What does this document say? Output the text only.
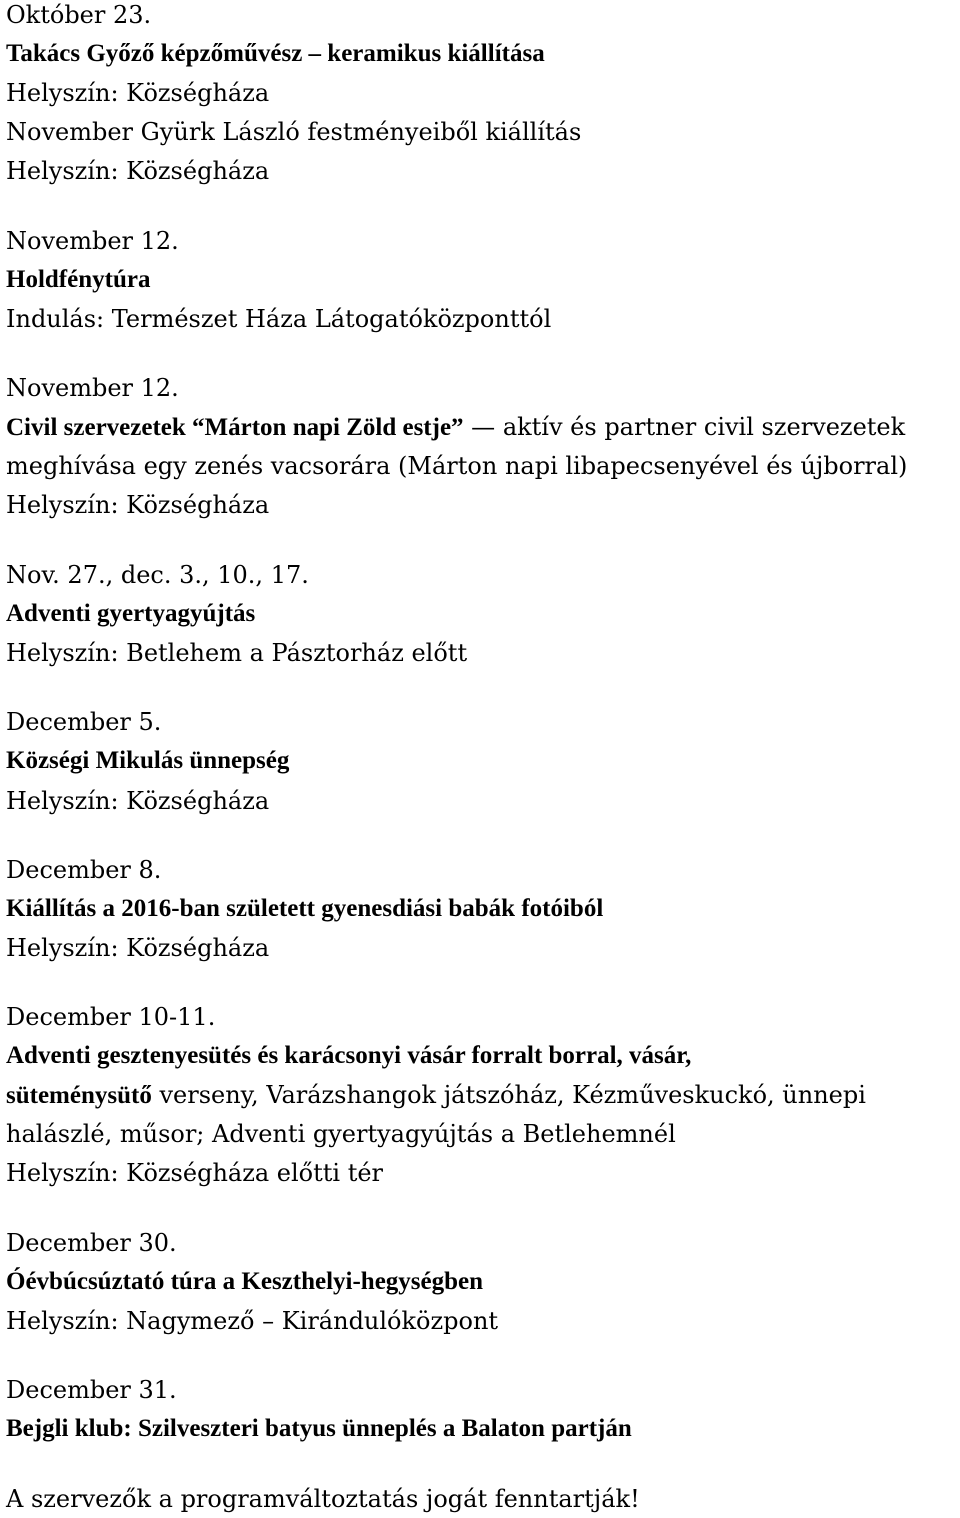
Október 23.
Takács Győző képzőművész – keramikus kiállítása
Helyszín: Községháza
November Gyürk László festményeiből kiállítás
Helyszín: Községháza
November 12.
Holdfénytúra
Indulás: Természet Háza Látogatóközponttól
November 12.
Civil szervezetek “Márton napi Zöld estje” — aktív és partner civil szervezetek
meghívása egy zenés vacsorára (Márton napi libapecsenyével és újborral)
Helyszín: Községháza
Nov. 27., dec. 3., 10., 17.
Adventi gyertyagyújtás
Helyszín: Betlehem a Pásztorház előtt
December 5.
Községi Mikulás ünnepség
Helyszín: Községháza
December 8.
Kiállítás a 2016-ban született gyenesdiási babák fotóiból
Helyszín: Községháza
December 10-11.
Adventi gesztenyesütés és karácsonyi vásár forralt borral, vásár,
süteménysütő verseny, Varázshangok játszóház, Kézműveskuckó, ünnepi
halászlé, műsor; Adventi gyertyagyújtás a Betlehemnél
Helyszín: Községháza előtti tér
December 30.
Óévbúcsúztató túra a Keszthelyi-hegységben
Helyszín: Nagymező – Kirándulóközpont
December 31.
Bejgli klub: Szilveszteri batyus ünneplés a Balaton partján
A szervezők a programváltoztatás jogát fenntartják!
